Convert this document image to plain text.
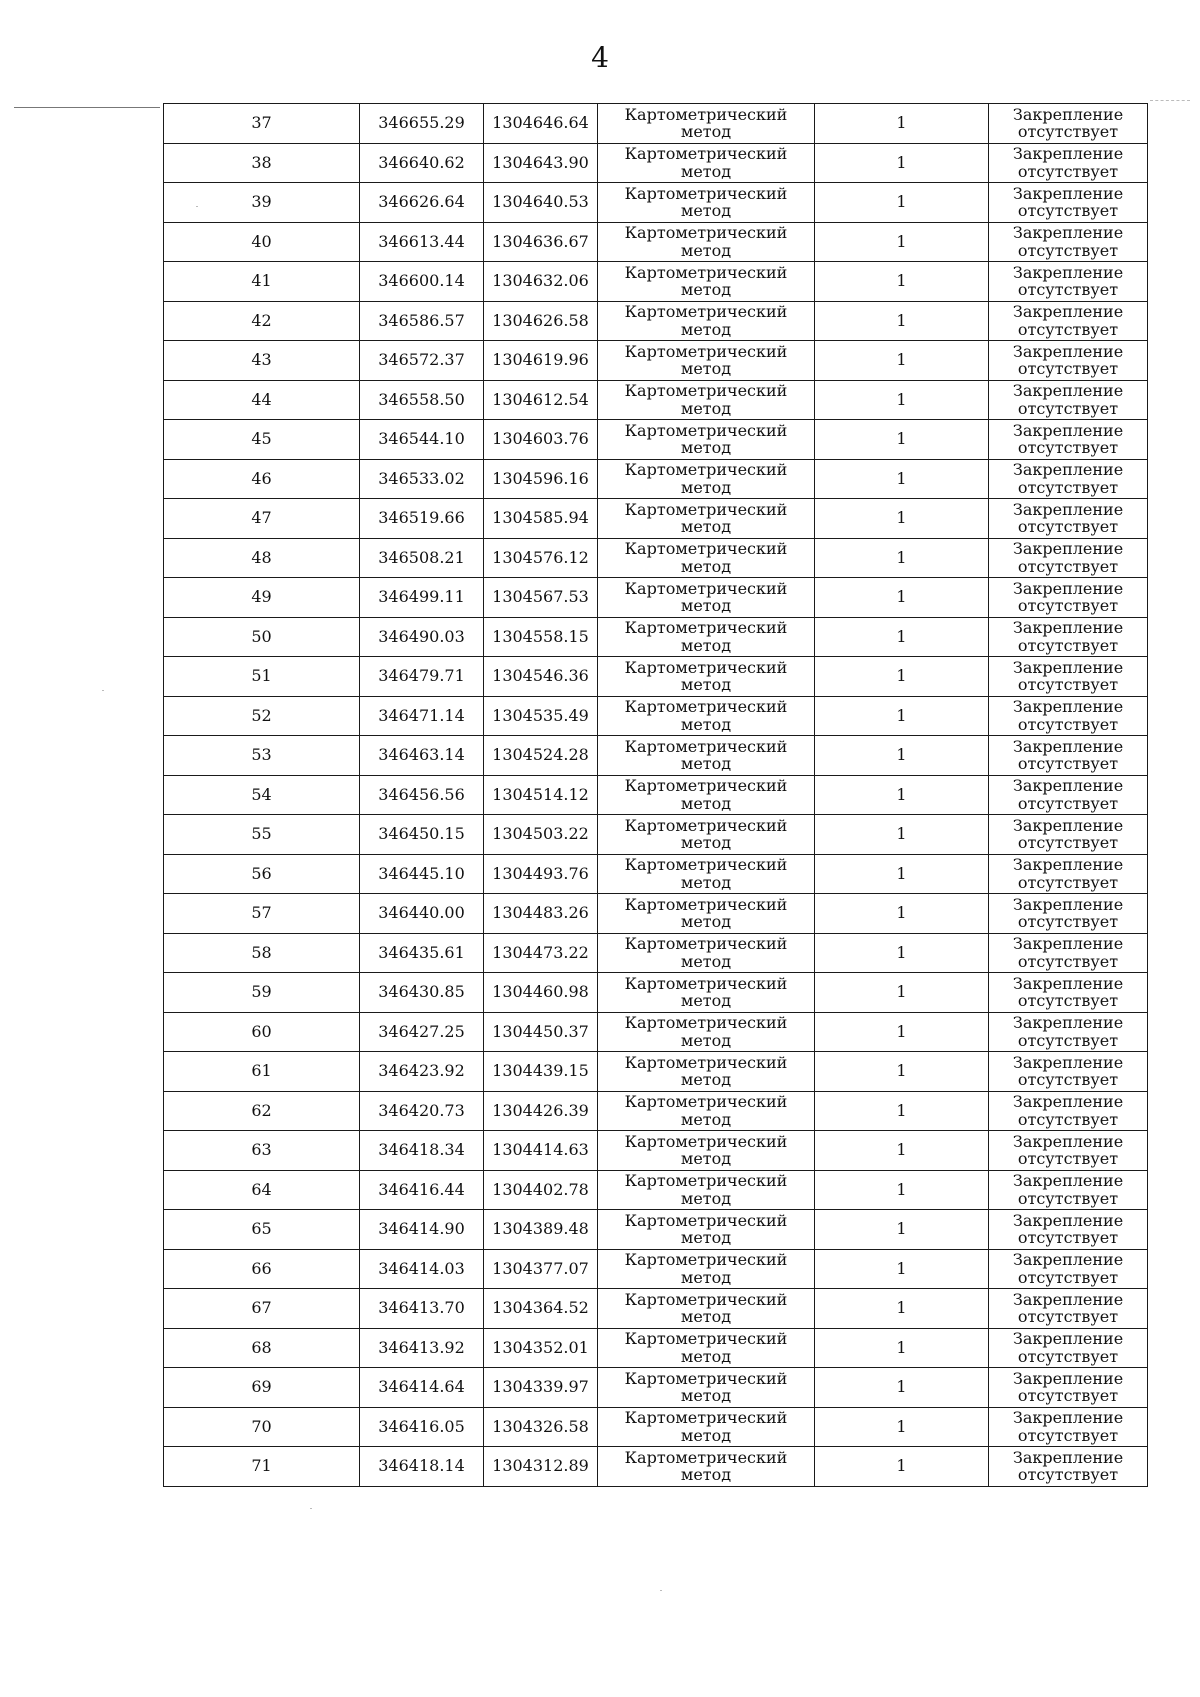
4
37	346655.29	1304646.64	Картометрический метод	1	Закрепление отсутствует
38	346640.62	1304643.90	Картометрический метод	1	Закрепление отсутствует
39	346626.64	1304640.53	Картометрический метод	1	Закрепление отсутствует
40	346613.44	1304636.67	Картометрический метод	1	Закрепление отсутствует
41	346600.14	1304632.06	Картометрический метод	1	Закрепление отсутствует
42	346586.57	1304626.58	Картометрический метод	1	Закрепление отсутствует
43	346572.37	1304619.96	Картометрический метод	1	Закрепление отсутствует
44	346558.50	1304612.54	Картометрический метод	1	Закрепление отсутствует
45	346544.10	1304603.76	Картометрический метод	1	Закрепление отсутствует
46	346533.02	1304596.16	Картометрический метод	1	Закрепление отсутствует
47	346519.66	1304585.94	Картометрический метод	1	Закрепление отсутствует
48	346508.21	1304576.12	Картометрический метод	1	Закрепление отсутствует
49	346499.11	1304567.53	Картометрический метод	1	Закрепление отсутствует
50	346490.03	1304558.15	Картометрический метод	1	Закрепление отсутствует
51	346479.71	1304546.36	Картометрический метод	1	Закрепление отсутствует
52	346471.14	1304535.49	Картометрический метод	1	Закрепление отсутствует
53	346463.14	1304524.28	Картометрический метод	1	Закрепление отсутствует
54	346456.56	1304514.12	Картометрический метод	1	Закрепление отсутствует
55	346450.15	1304503.22	Картометрический метод	1	Закрепление отсутствует
56	346445.10	1304493.76	Картометрический метод	1	Закрепление отсутствует
57	346440.00	1304483.26	Картометрический метод	1	Закрепление отсутствует
58	346435.61	1304473.22	Картометрический метод	1	Закрепление отсутствует
59	346430.85	1304460.98	Картометрический метод	1	Закрепление отсутствует
60	346427.25	1304450.37	Картометрический метод	1	Закрепление отсутствует
61	346423.92	1304439.15	Картометрический метод	1	Закрепление отсутствует
62	346420.73	1304426.39	Картометрический метод	1	Закрепление отсутствует
63	346418.34	1304414.63	Картометрический метод	1	Закрепление отсутствует
64	346416.44	1304402.78	Картометрический метод	1	Закрепление отсутствует
65	346414.90	1304389.48	Картометрический метод	1	Закрепление отсутствует
66	346414.03	1304377.07	Картометрический метод	1	Закрепление отсутствует
67	346413.70	1304364.52	Картометрический метод	1	Закрепление отсутствует
68	346413.92	1304352.01	Картометрический метод	1	Закрепление отсутствует
69	346414.64	1304339.97	Картометрический метод	1	Закрепление отсутствует
70	346416.05	1304326.58	Картометрический метод	1	Закрепление отсутствует
71	346418.14	1304312.89	Картометрический метод	1	Закрепление отсутствует
